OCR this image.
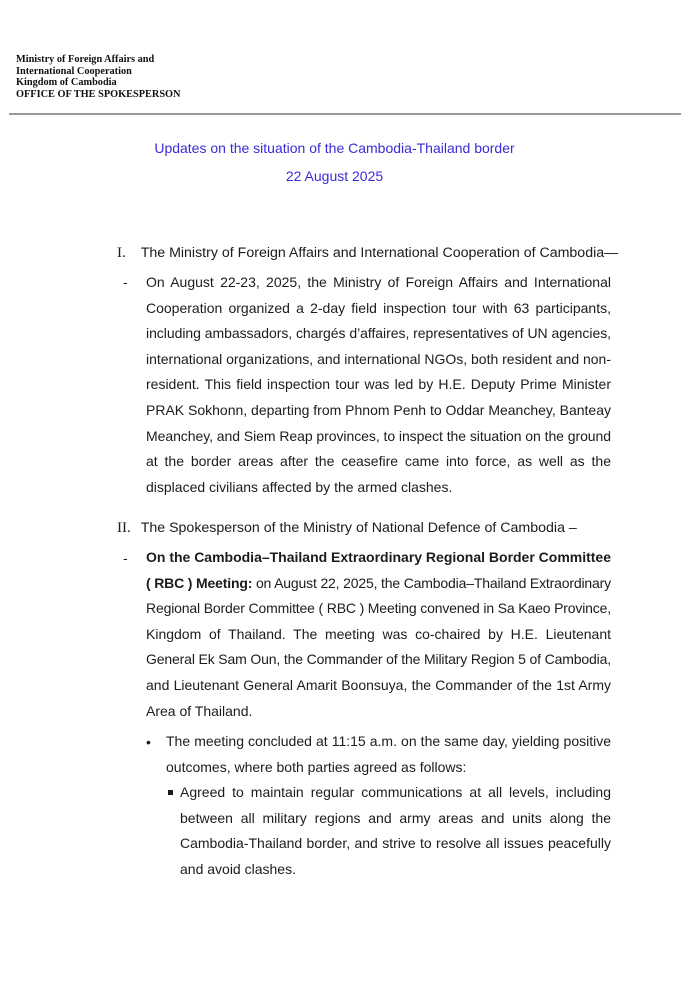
Ministry of Foreign Affairs and
International Cooperation
Kingdom of Cambodia
OFFICE OF THE SPOKESPERSON
Updates on the situation of the Cambodia-Thailand border
22 August 2025
I. The Ministry of Foreign Affairs and International Cooperation of Cambodia—
- On August 22-23, 2025, the Ministry of Foreign Affairs and International
Cooperation organized a 2-day field inspection tour with 63 participants,
including ambassadors, chargés d’affaires, representatives of UN agencies,
international organizations, and international NGOs, both resident and non-
resident. This field inspection tour was led by H.E. Deputy Prime Minister
PRAK Sokhonn, departing from Phnom Penh to Oddar Meanchey, Banteay
Meanchey, and Siem Reap provinces, to inspect the situation on the ground
at the border areas after the ceasefire came into force, as well as the
displaced civilians affected by the armed clashes.
II. The Spokesperson of the Ministry of National Defence of Cambodia –
- On the Cambodia–Thailand Extraordinary Regional Border Committee
( RBC ) Meeting: on August 22, 2025, the Cambodia–Thailand Extraordinary
Regional Border Committee ( RBC ) Meeting convened in Sa Kaeo Province,
Kingdom of Thailand. The meeting was co-chaired by H.E. Lieutenant
General Ek Sam Oun, the Commander of the Military Region 5 of Cambodia,
and Lieutenant General Amarit Boonsuya, the Commander of the 1st Army
Area of Thailand.
• The meeting concluded at 11:15 a.m. on the same day, yielding positive
outcomes, where both parties agreed as follows:
Agreed to maintain regular communications at all levels, including
between all military regions and army areas and units along the
Cambodia-Thailand border, and strive to resolve all issues peacefully
and avoid clashes.
